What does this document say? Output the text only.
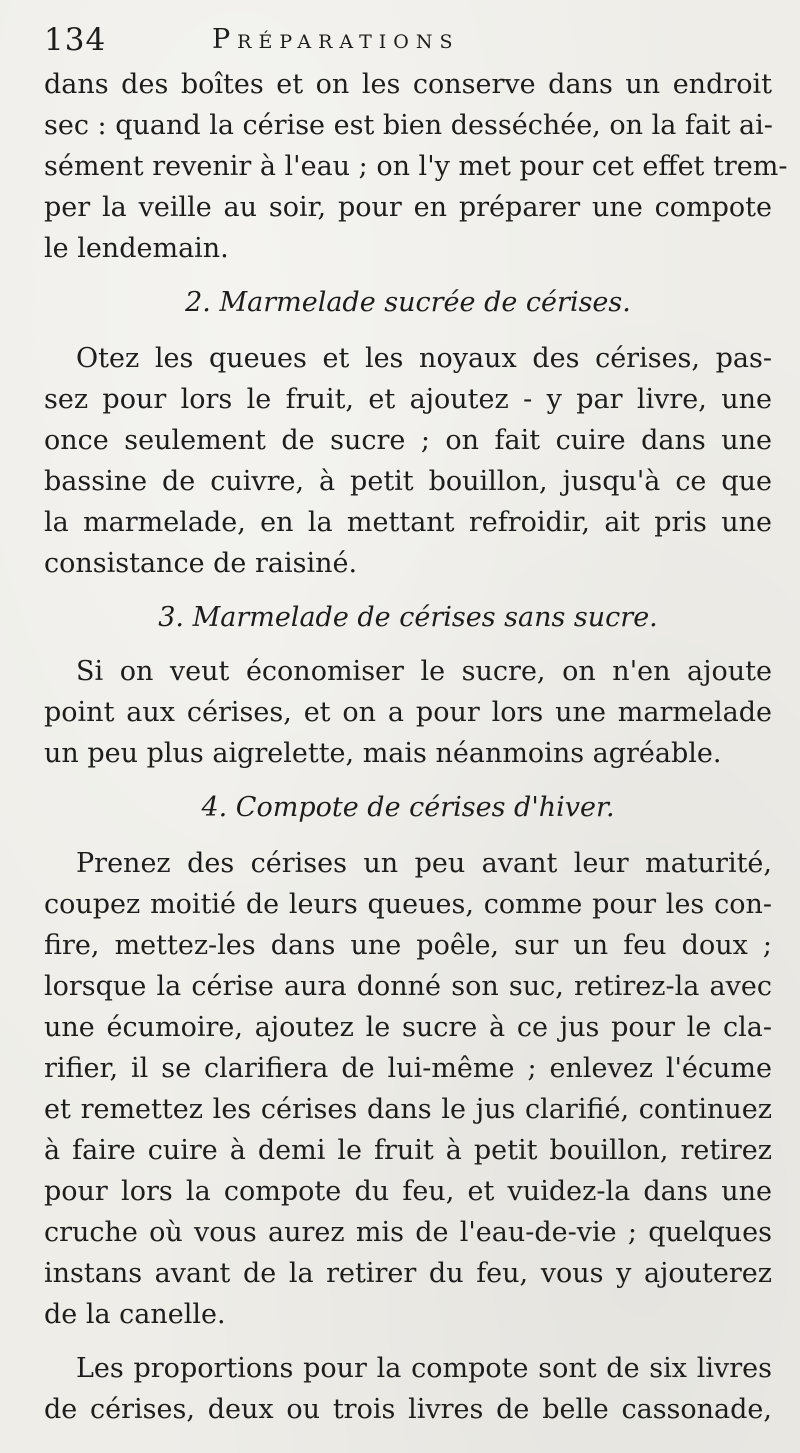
134	Préparations
dans des boîtes et on les conserve dans un endroit
sec : quand la cérise est bien desséchée, on la fait ai-
sément revenir à l'eau ; on l'y met pour cet effet trem-
per la veille au soir, pour en préparer une compote
le lendemain.
2. Marmelade sucrée de cérises.
Otez les queues et les noyaux des cérises, pas-
sez pour lors le fruit, et ajoutez - y par livre, une
once seulement de sucre ; on fait cuire dans une
bassine de cuivre, à petit bouillon, jusqu'à ce que
la marmelade, en la mettant refroidir, ait pris une
consistance de raisiné.
3. Marmelade de cérises sans sucre.
Si on veut économiser le sucre, on n'en ajoute
point aux cérises, et on a pour lors une marmelade
un peu plus aigrelette, mais néanmoins agréable.
4. Compote de cérises d'hiver.
Prenez des cérises un peu avant leur maturité,
coupez moitié de leurs queues, comme pour les con-
fire, mettez-les dans une poêle, sur un feu doux ;
lorsque la cérise aura donné son suc, retirez-la avec
une écumoire, ajoutez le sucre à ce jus pour le cla-
rifier, il se clarifiera de lui-même ; enlevez l'écume
et remettez les cérises dans le jus clarifié, continuez
à faire cuire à demi le fruit à petit bouillon, retirez
pour lors la compote du feu, et vuidez-la dans une
cruche où vous aurez mis de l'eau-de-vie ; quelques
instans avant de la retirer du feu, vous y ajouterez
de la canelle.
Les proportions pour la compote sont de six livres
de cérises, deux ou trois livres de belle cassonade,
